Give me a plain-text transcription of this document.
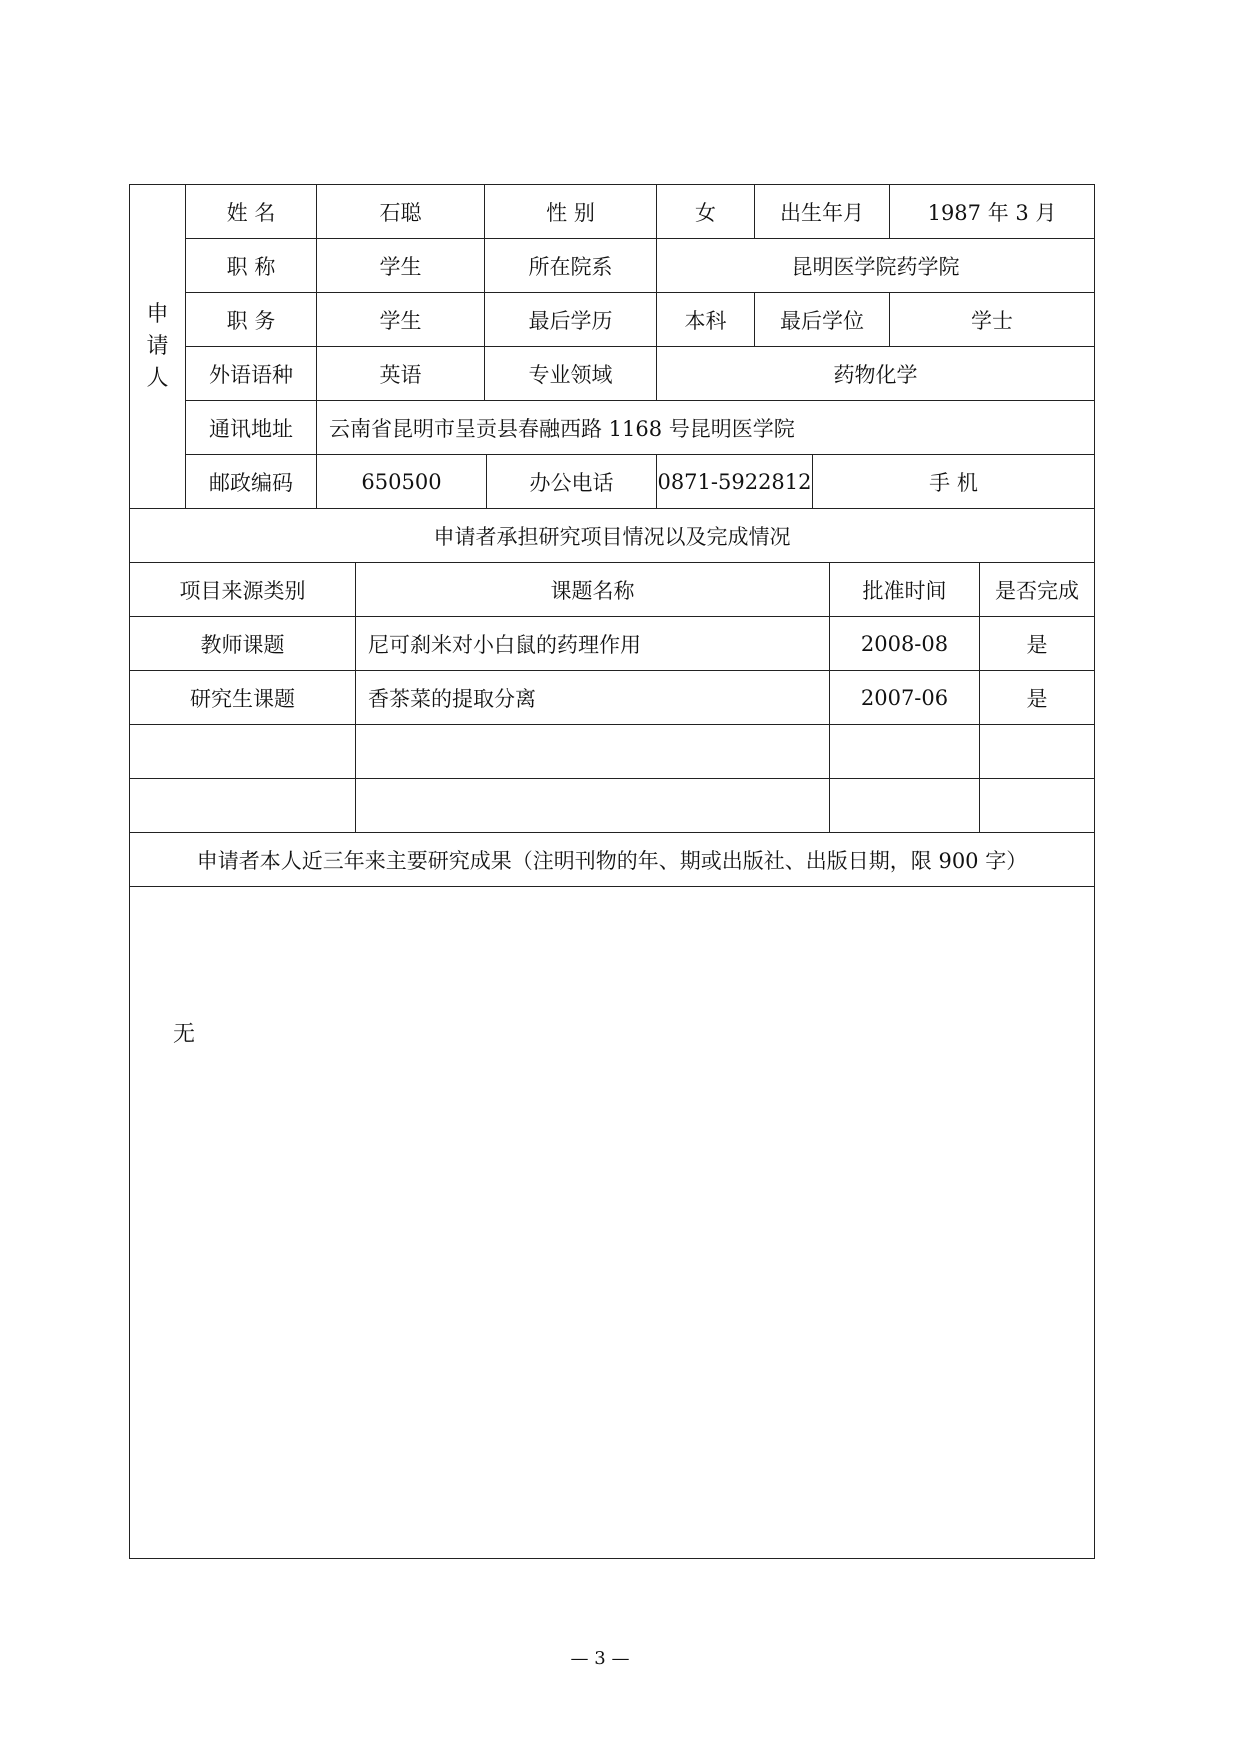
申
请
人	姓 名	石聪	性 别		女	出生年月		1987 年 3 月	
	职 称	学生	所在院系		昆明医学院药学院				
	职 务	学生	最后学历		本科	最后学位		学士	
	外语语种	英语	专业领域		药物化学				
	通讯地址	云南省昆明市呈贡县春融西路 1168 号昆明医学院							
	邮政编码	650500		办公电话	0871-5922812		手 机	
申请者承担研究项目情况以及完成情况			
项目来源类别	课题名称	批准时间	是否完成
教师课题	尼可刹米对小白鼠的药理作用	2008-08	是
研究生课题	香茶菜的提取分离	2007-06	是

申请者本人近三年来主要研究成果（注明刊物的年、期或出版社、出版日期，限 900 字）			

无			
— 3 —
